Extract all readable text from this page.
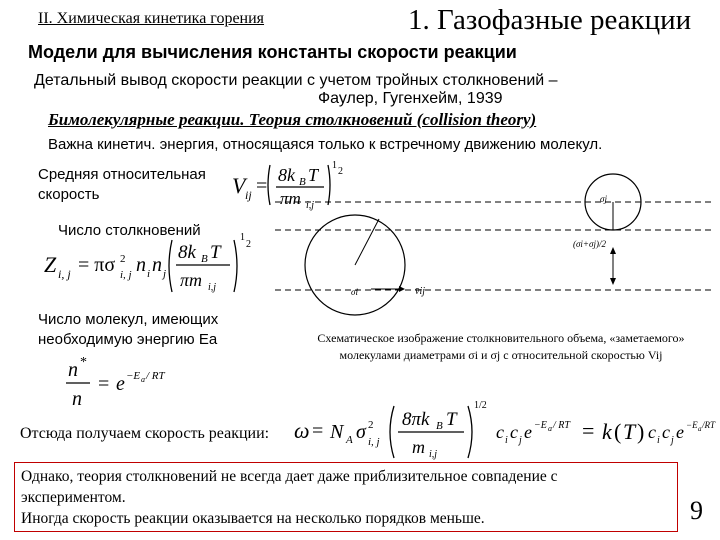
II. Химическая кинетика горения	1. Газофазные реакции
Модели для вычисления константы скорости реакции
Детальный вывод скорости реакции с учетом тройных столкновений –
Фаулер, Гугенхейм, 1939
Бимолекулярные реакции. Теория столкновений (collision theory)
Важна кинетич. энергия, относящаяся только к встречному движению молекул.
Средняя относительная скорость
Число столкновений
Число молекул, имеющих необходимую энергию Ea
V ij = 8k B T
πm i,j
1
2
Z i, j = πσ 2
i, j n i n j
8k B T
πm i,j
1
2
n *
n
= e −E a / RT
σj
σi
(σi+σj)/2
v̄ij
Схематическое изображение столкновительного объема, «заметаемого» молекулами диаметрами σi и σj с относительной скоростью Vij
Отсюда получаем скорость реакции: ω = N A σ 2
i, j
8πk B T
m i,j
1/2
c i c j e −E a / RT = k ( T ) c i c j e −E a /RT
Однако, теория столкновений не всегда дает даже приблизительное совпадение с
экспериментом.
Иногда скорость реакции оказывается на несколько порядков меньше.	9
